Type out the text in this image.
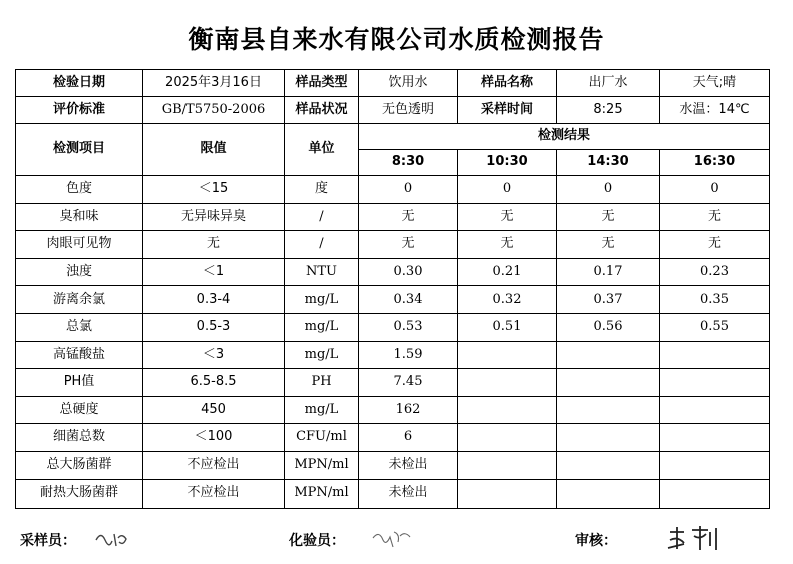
衡南县自来水有限公司水质检测报告
检验日期	2025年3月16日	样品类型	饮用水	样品名称	出厂水	天气;晴
评价标准	GB/T5750-2006	样品状况	无色透明	采样时间	8:25	水温：14℃
检测项目	限值	单位	检测结果			
			8:30	10:30	14:30	16:30
色度	＜15	度	0	0	0	0
臭和味	无异味异臭	/	无	无	无	无
肉眼可见物	无	/	无	无	无	无
浊度	＜1	NTU	0.30	0.21	0.17	0.23
游离余氯	0.3-4	mg/L	0.34	0.32	0.37	0.35
总氯	0.5-3	mg/L	0.53	0.51	0.56	0.55
高锰酸盐	＜3	mg/L	1.59			
PH值	6.5-8.5	PH	7.45			
总硬度	450	mg/L	162			
细菌总数	＜100	CFU/ml	6			
总大肠菌群	不应检出	MPN/ml	未检出			
耐热大肠菌群	不应检出	MPN/ml	未检出			
采样员：	化验员：	审核：
